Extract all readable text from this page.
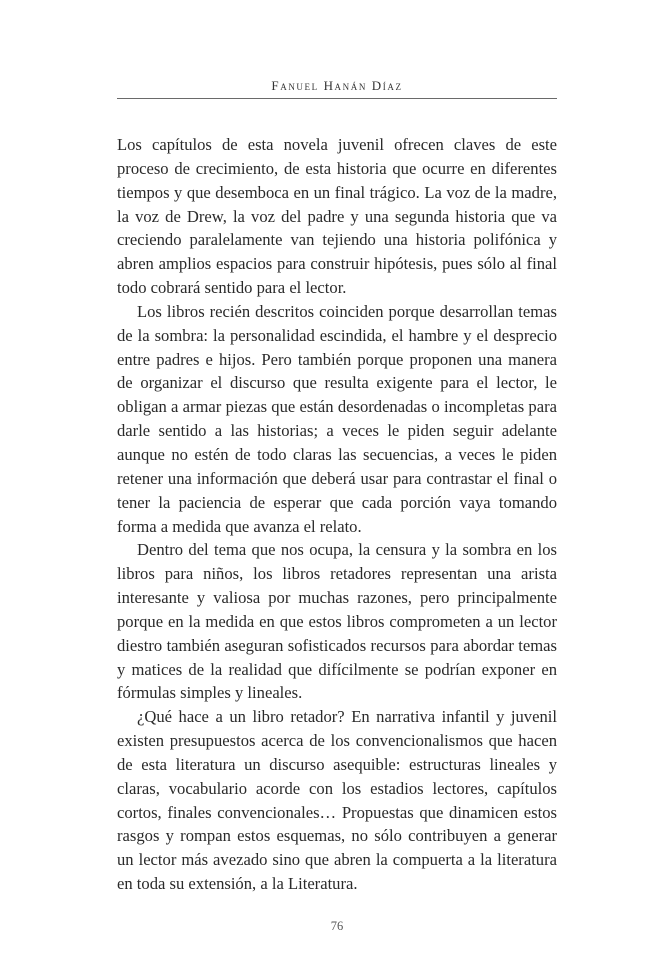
Fanuel Hanán Díaz

Los capítulos de esta novela juvenil ofrecen claves de este proceso de crecimiento, de esta historia que ocurre en diferentes tiempos y que desemboca en un final trágico. La voz de la madre, la voz de Drew, la voz del padre y una segunda historia que va creciendo paralelamente van tejiendo una historia polifónica y abren amplios espacios para construir hipótesis, pues sólo al final todo cobrará sentido para el lector.

Los libros recién descritos coinciden porque desarrollan temas de la sombra: la personalidad escindida, el hambre y el desprecio entre padres e hijos. Pero también porque proponen una manera de organizar el discurso que resulta exigente para el lector, le obligan a armar piezas que están desordenadas o incompletas para darle sentido a las historias; a veces le piden seguir adelante aunque no estén de todo claras las secuencias, a veces le piden retener una información que deberá usar para contrastar el final o tener la paciencia de esperar que cada porción vaya tomando forma a medida que avanza el relato.

Dentro del tema que nos ocupa, la censura y la sombra en los libros para niños, los libros retadores representan una arista interesante y valiosa por muchas razones, pero principalmente porque en la medida en que estos libros comprometen a un lector diestro también aseguran sofisticados recursos para abordar temas y matices de la realidad que difícilmente se podrían exponer en fórmulas simples y lineales.

¿Qué hace a un libro retador? En narrativa infantil y juvenil existen presupuestos acerca de los convencionalismos que hacen de esta literatura un discurso asequible: estructuras lineales y claras, vocabulario acorde con los estadios lectores, capítulos cortos, finales convencionales… Propuestas que dinamicen estos rasgos y rompan estos esquemas, no sólo contribuyen a generar un lector más avezado sino que abren la compuerta a la literatura en toda su extensión, a la Literatura.

76
